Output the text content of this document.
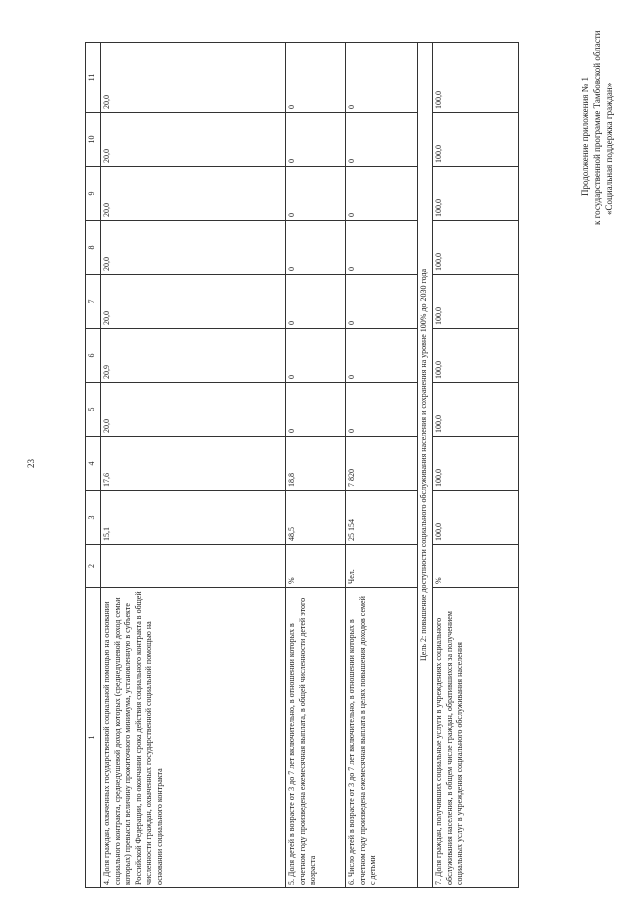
23
Продолжение приложения № 1 к государственной программе Тамбовской области «Социальная поддержка граждан»
1	2	3	4	5	6	7	8	9	10	11
4. Доля граждан, охваченных государственной социальной помощью на основании социального контракта, среднедушевой доход которых (среднедушевой доход семьи которых) превысил величину прожиточного минимума, установленную в субъекте Российской Федерации, по окончании срока действия социального контракта в общей численности граждан, охваченных государственной социальной помощью на основании социального контракта		15,1	17,6	20,0	20,9	20,0	20,0	20,0	20,0	20,0
5. Доля детей в возрасте от 3 до 7 лет включительно, в отношении которых в отчетном году произведена ежемесячная выплата, в общей численности детей этого возраста	%	48,5	18,8	0	0	0	0	0	0	0
6. Число детей в возрасте от 3 до 7 лет включительно, в отношении которых в отчетном году произведена ежемесячная выплата в целях повышения доходов семей с детьми	Чел.	25 154	7 820	0	0	0	0	0	0	0
Цель 2: повышение доступности социального обслуживания населения и сохранения на уровне 100% до 2030 года										
7. Доля граждан, получивших социальные услуги в учреждениях социального обслуживания населения, в общем числе граждан, обратившихся за получением социальных услуг в учреждения социального обслуживания населения	%	100,0	100,0	100,0	100,0	100,0	100,0	100,0	100,0	100,0
